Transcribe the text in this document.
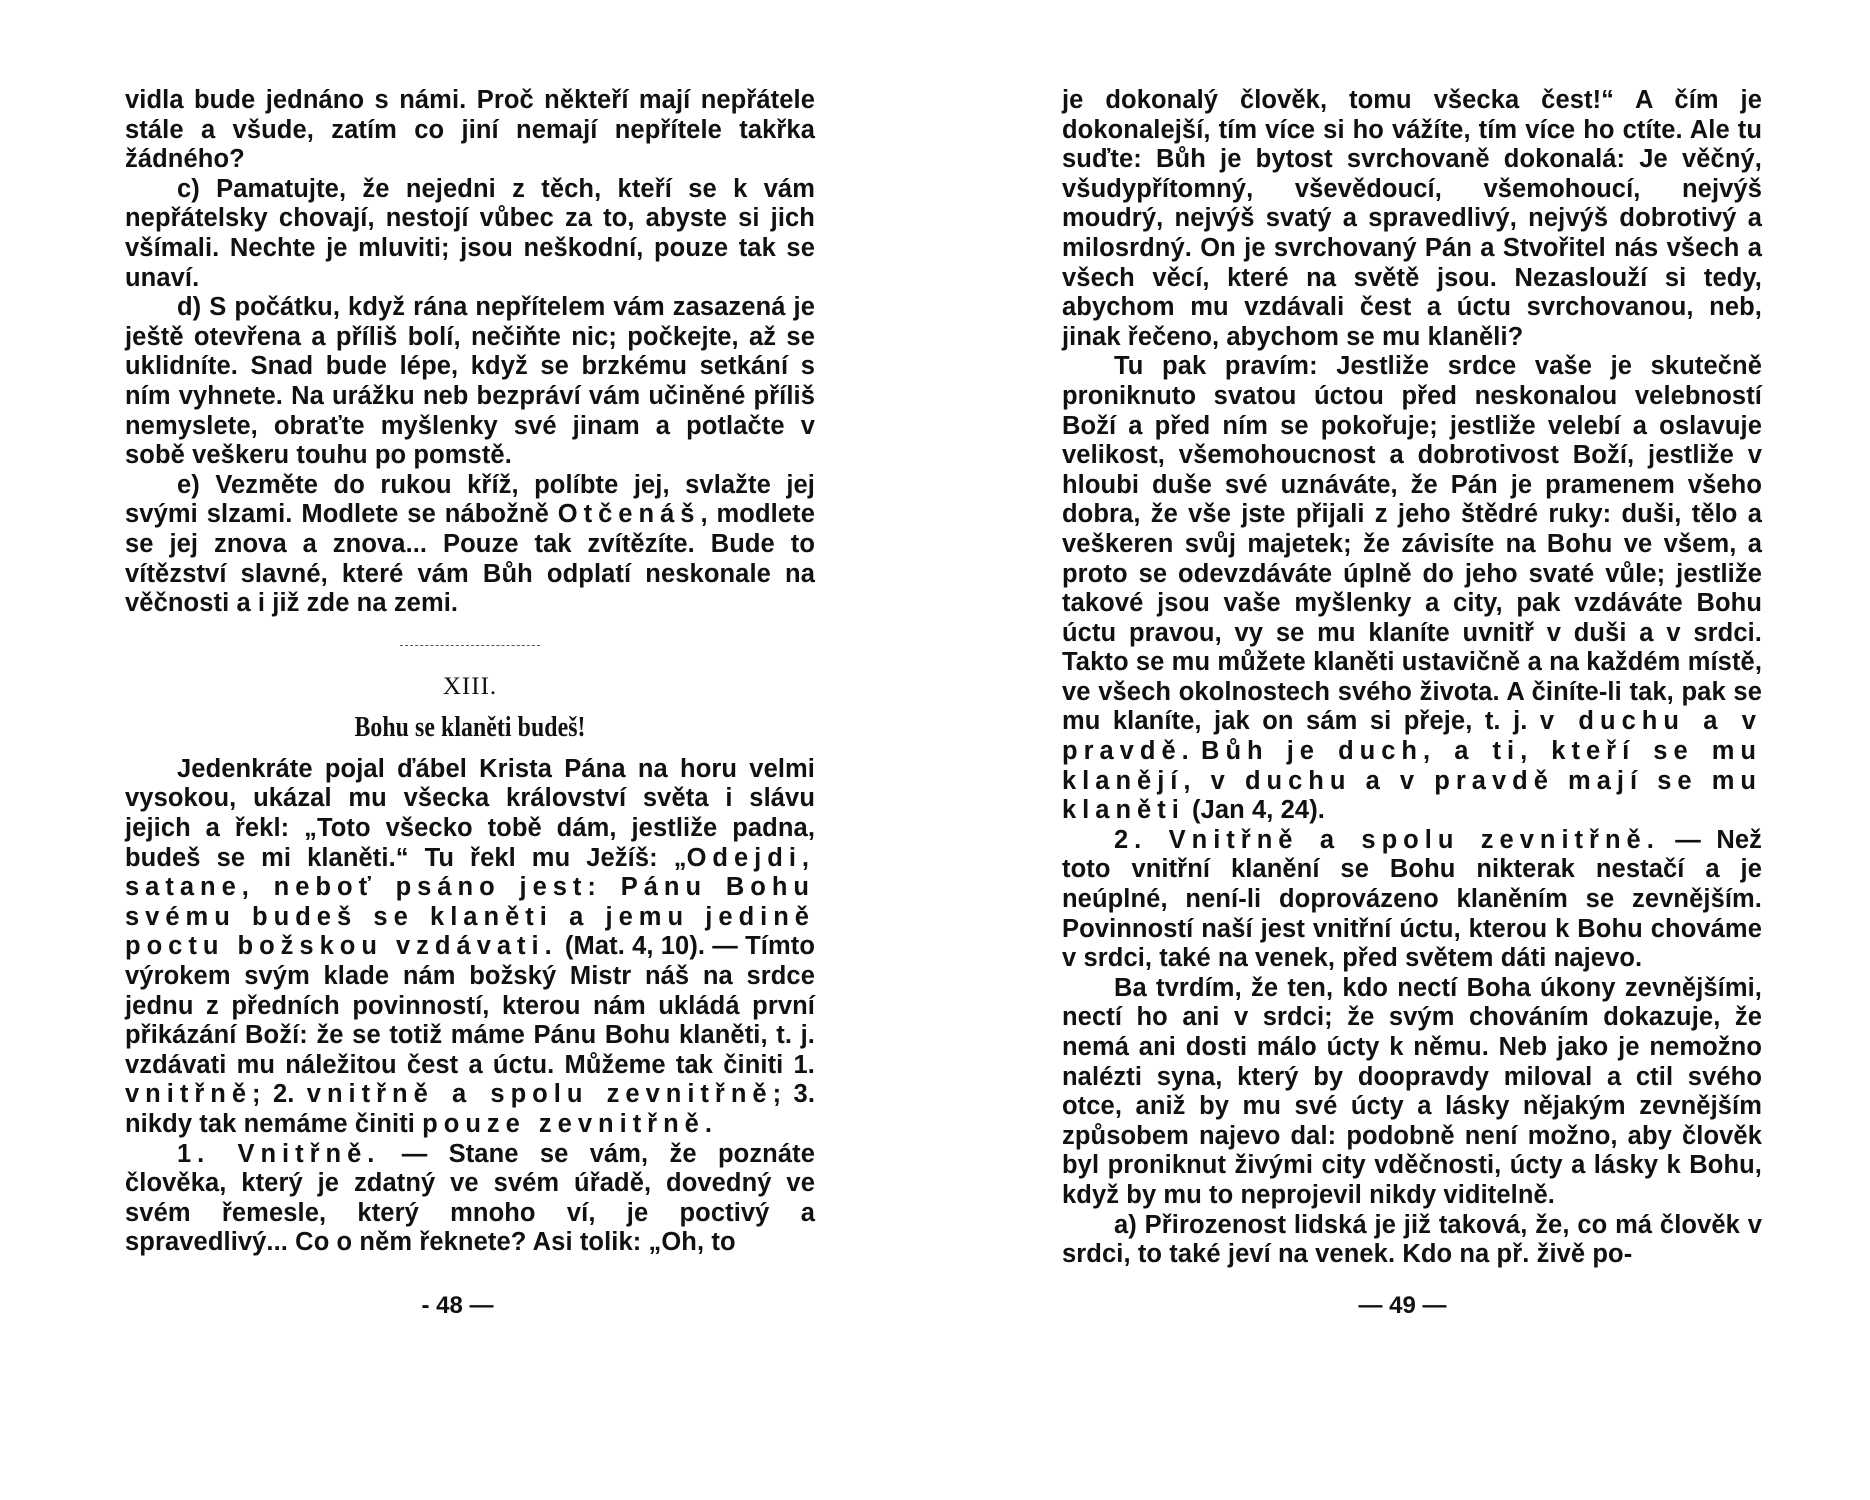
vidla bude jednáno s námi. Proč někteří mají nepřátele stále a všude, zatím co jiní nemají nepřítele takřka žádného?

c) Pamatujte, že nejedni z těch, kteří se k vám nepřátelsky chovají, nestojí vůbec za to, abyste si jich všímali. Nechte je mluviti; jsou neškodní, pouze tak se unaví.

d) S počátku, když rána nepřítelem vám zasazená je ještě otevřena a příliš bolí, nečiňte nic; počkejte, až se uklidníte. Snad bude lépe, když se brzkému setkání s ním vyhnete. Na urážku neb bezpráví vám učiněné příliš nemyslete, obraťte myšlenky své jinam a potlačte v sobě veškeru touhu po pomstě.

e) Vezměte do rukou kříž, políbte jej, svlažte jej svými slzami. Modlete se nábožně Otčenáš, modlete se jej znova a znova... Pouze tak zvítězíte. Bude to vítězství slavné, které vám Bůh odplatí neskonale na věčnosti a i již zde na zemi.

XIII.
Bohu se klaněti budeš!

Jedenkráte pojal ďábel Krista Pána na horu velmi vysokou, ukázal mu všecka království světa i slávu jejich a řekl: „Toto všecko tobě dám, jestliže padna, budeš se mi klaněti.“ Tu řekl mu Ježíš: „Odejdi, satane, neboť psáno jest: Pánu Bohu svému budeš se klaněti a jemu jedině poctu božskou vzdávati. (Mat. 4, 10). — Tímto výrokem svým klade nám božský Mistr náš na srdce jednu z předních povinností, kterou nám ukládá první přikázání Boží: že se totiž máme Pánu Bohu klaněti, t. j. vzdávati mu náležitou čest a úctu. Můžeme tak činiti 1. vnitřně; 2. vnitřně a spolu zevnitřně; 3. nikdy tak nemáme činiti pouze zevnitřně.

1. Vnitřně. — Stane se vám, že poznáte člověka, který je zdatný ve svém úřadě, dovedný ve svém řemesle, který mnoho ví, je poctivý a spravedlivý... Co o něm řeknete? Asi tolik: „Oh, to

- 48 —

je dokonalý člověk, tomu všecka čest!“ A čím je dokonalejší, tím více si ho vážíte, tím více ho ctíte. Ale tu suďte: Bůh je bytost svrchovaně dokonalá: Je věčný, všudypřítomný, vševědoucí, všemohoucí, nejvýš moudrý, nejvýš svatý a spravedlivý, nejvýš dobrotivý a milosrdný. On je svrchovaný Pán a Stvořitel nás všech a všech věcí, které na světě jsou. Nezaslouží si tedy, abychom mu vzdávali čest a úctu svrchovanou, neb, jinak řečeno, abychom se mu klaněli?

Tu pak pravím: Jestliže srdce vaše je skutečně proniknuto svatou úctou před neskonalou velebností Boží a před ním se pokořuje; jestliže velebí a oslavuje velikost, všemohoucnost a dobrotivost Boží, jestliže v hloubi duše své uznáváte, že Pán je pramenem všeho dobra, že vše jste přijali z jeho štědré ruky: duši, tělo a veškeren svůj majetek; že závisíte na Bohu ve všem, a proto se odevzdáváte úplně do jeho svaté vůle; jestliže takové jsou vaše myšlenky a city, pak vzdáváte Bohu úctu pravou, vy se mu klaníte uvnitř v duši a v srdci. Takto se mu můžete klaněti ustavičně a na každém místě, ve všech okolnostech svého života. A činíte-li tak, pak se mu klaníte, jak on sám si přeje, t. j. v duchu a v pravdě. Bůh je duch, a ti, kteří se mu klanějí, v duchu a v pravdě mají se mu klaněti (Jan 4, 24).

2. Vnitřně a spolu zevnitřně. — Než toto vnitřní klanění se Bohu nikterak nestačí a je neúplné, není-li doprovázeno klaněním se zevnějším. Povinností naší jest vnitřní úctu, kterou k Bohu chováme v srdci, také na venek, před světem dáti najevo.

Ba tvrdím, že ten, kdo nectí Boha úkony zevnějšími, nectí ho ani v srdci; že svým chováním dokazuje, že nemá ani dosti málo úcty k němu. Neb jako je nemožno nalézti syna, který by doopravdy miloval a ctil svého otce, aniž by mu své úcty a lásky nějakým zevnějším způsobem najevo dal: podobně není možno, aby člověk byl proniknut živými city vděčnosti, úcty a lásky k Bohu, když by mu to neprojevil nikdy viditelně.

a) Přirozenost lidská je již taková, že, co má člověk v srdci, to také jeví na venek. Kdo na př. živě po-

— 49 —
